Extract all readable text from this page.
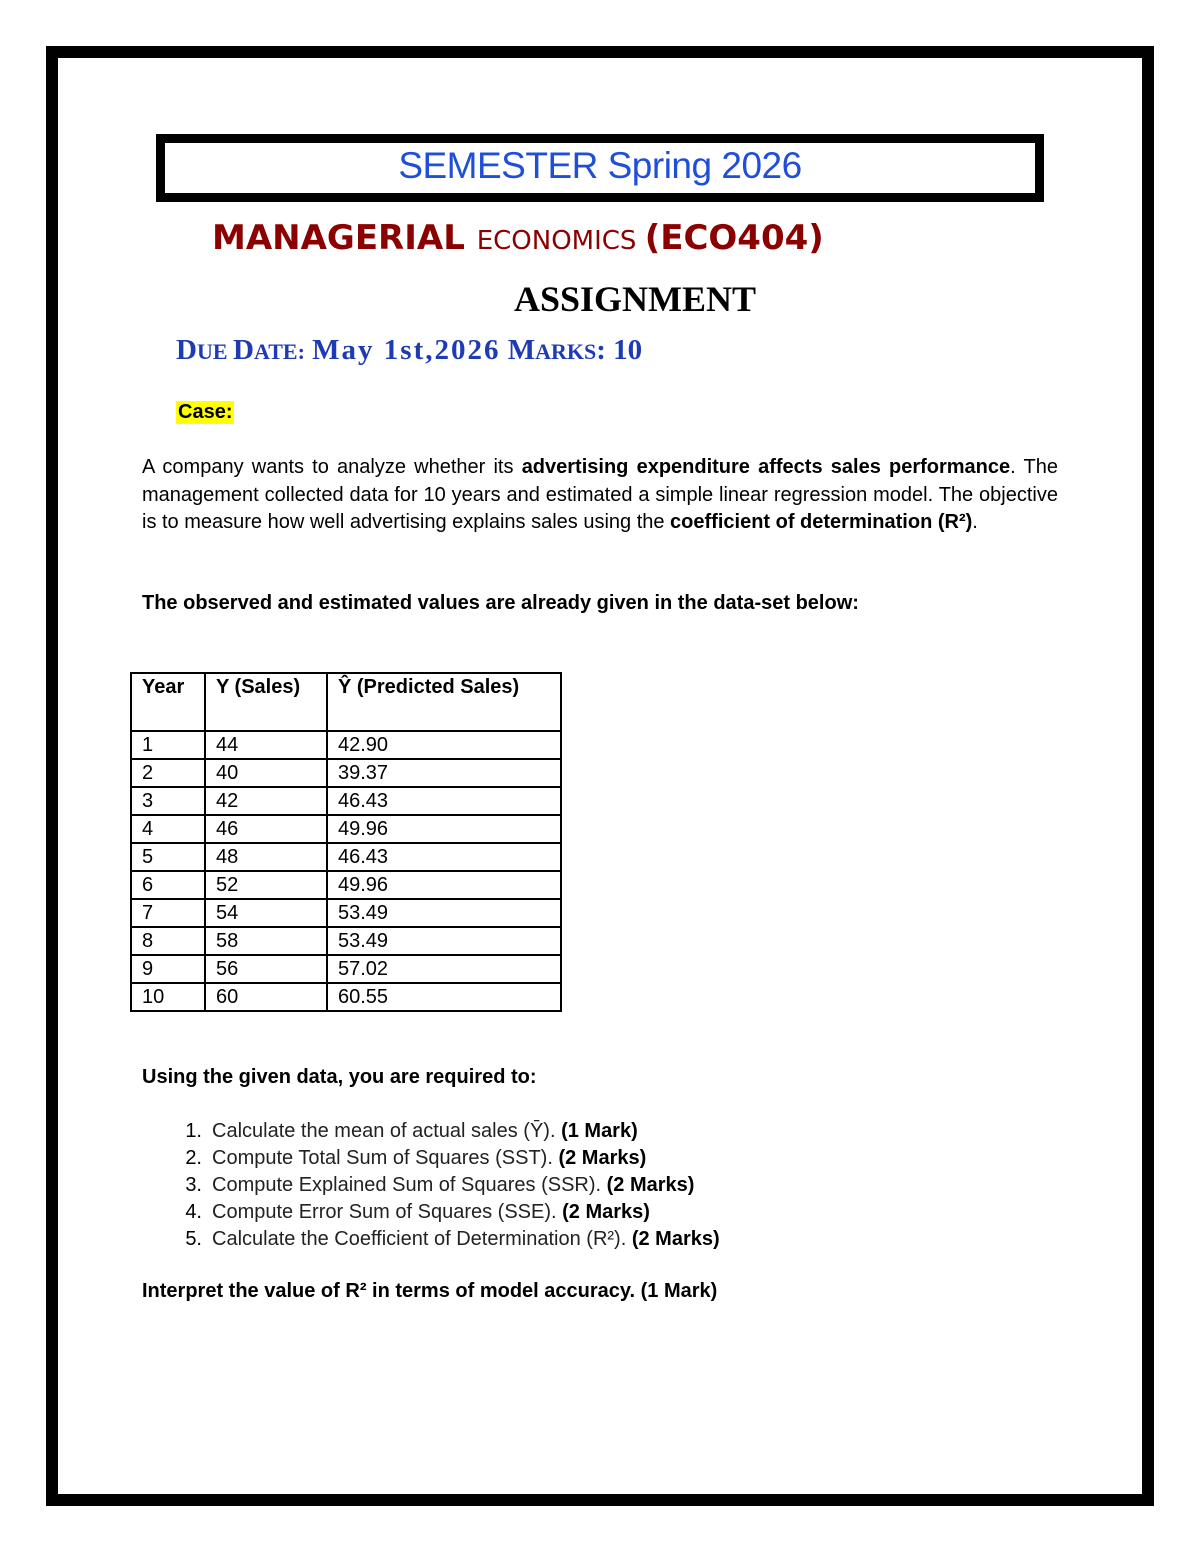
SEMESTER Spring 2026
MANAGERIAL ECONOMICS (ECO404)
ASSIGNMENT
DUE DATE: May 1st,2026 MARKS: 10
Case:
A company wants to analyze whether its advertising expenditure affects sales performance. The management collected data for 10 years and estimated a simple linear regression model. The objective is to measure how well advertising explains sales using the coefficient of determination (R²).
The observed and estimated values are already given in the data-set below:
Year	Y (Sales)	Ŷ (Predicted Sales)
1	44	42.90
2	40	39.37
3	42	46.43
4	46	49.96
5	48	46.43
6	52	49.96
7	54	53.49
8	58	53.49
9	56	57.02
10	60	60.55
Using the given data, you are required to:
1. Calculate the mean of actual sales (Ȳ). (1 Mark)
2. Compute Total Sum of Squares (SST). (2 Marks)
3. Compute Explained Sum of Squares (SSR). (2 Marks)
4. Compute Error Sum of Squares (SSE). (2 Marks)
5. Calculate the Coefficient of Determination (R²). (2 Marks)
Interpret the value of R² in terms of model accuracy. (1 Mark)
